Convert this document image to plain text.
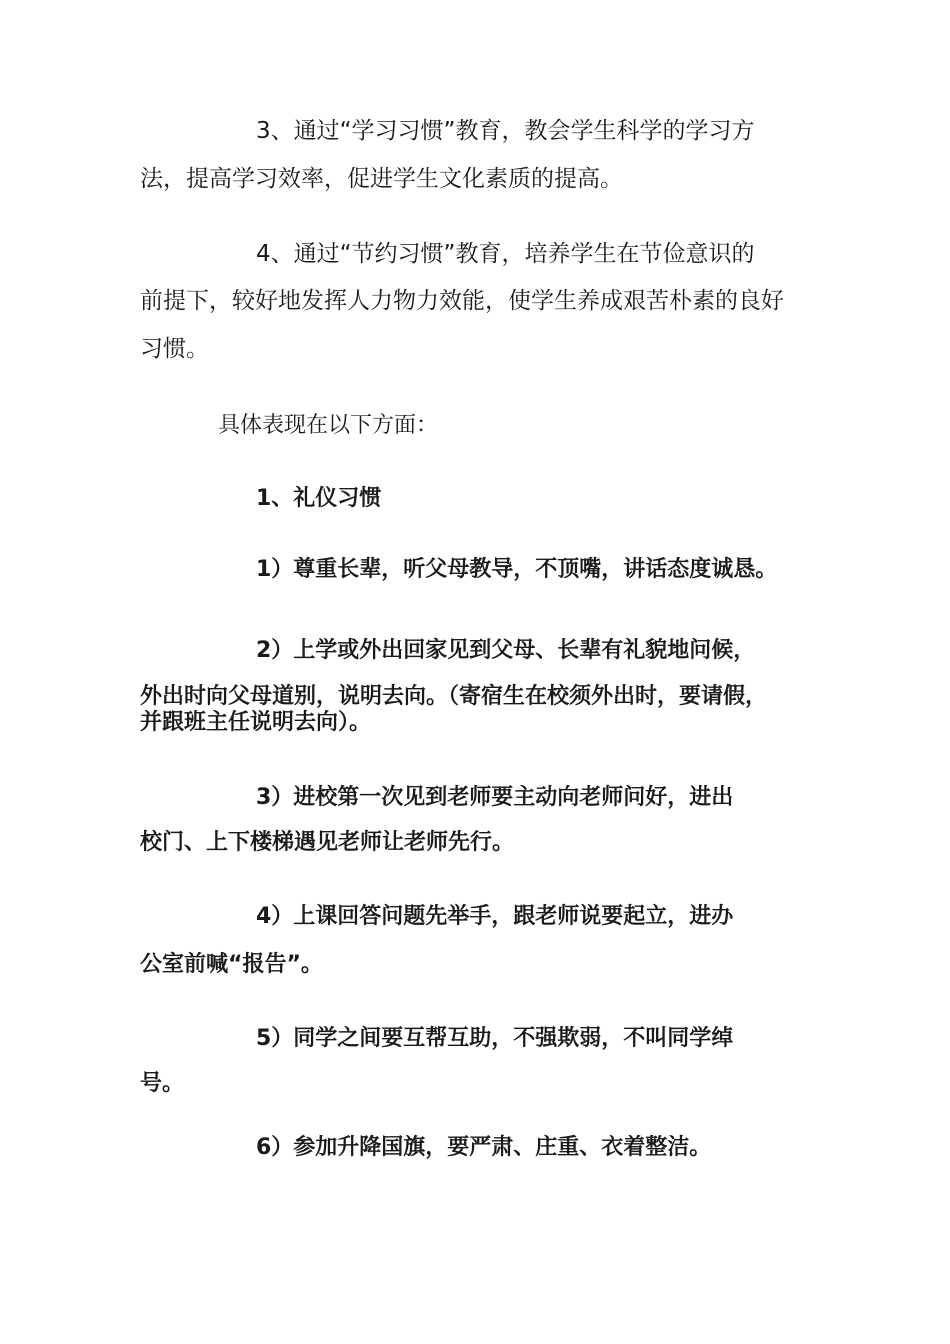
3、通过“学习习惯”教育，教会学生科学的学习方
法，提高学习效率，促进学生文化素质的提高。
4、通过“节约习惯”教育，培养学生在节俭意识的
前提下，较好地发挥人力物力效能，使学生养成艰苦朴素的良好
习惯。
具体表现在以下方面：
1、礼仪习惯
1）尊重长辈，听父母教导，不顶嘴，讲话态度诚恳。
2）上学或外出回家见到父母、长辈有礼貌地问候，
外出时向父母道别，说明去向。（寄宿生在校须外出时，要请假，
并跟班主任说明去向）。
3）进校第一次见到老师要主动向老师问好，进出
校门、上下楼梯遇见老师让老师先行。
4）上课回答问题先举手，跟老师说要起立，进办
公室前喊“报告”。
5）同学之间要互帮互助，不强欺弱，不叫同学绰
号。
6）参加升降国旗，要严肃、庄重、衣着整洁。
